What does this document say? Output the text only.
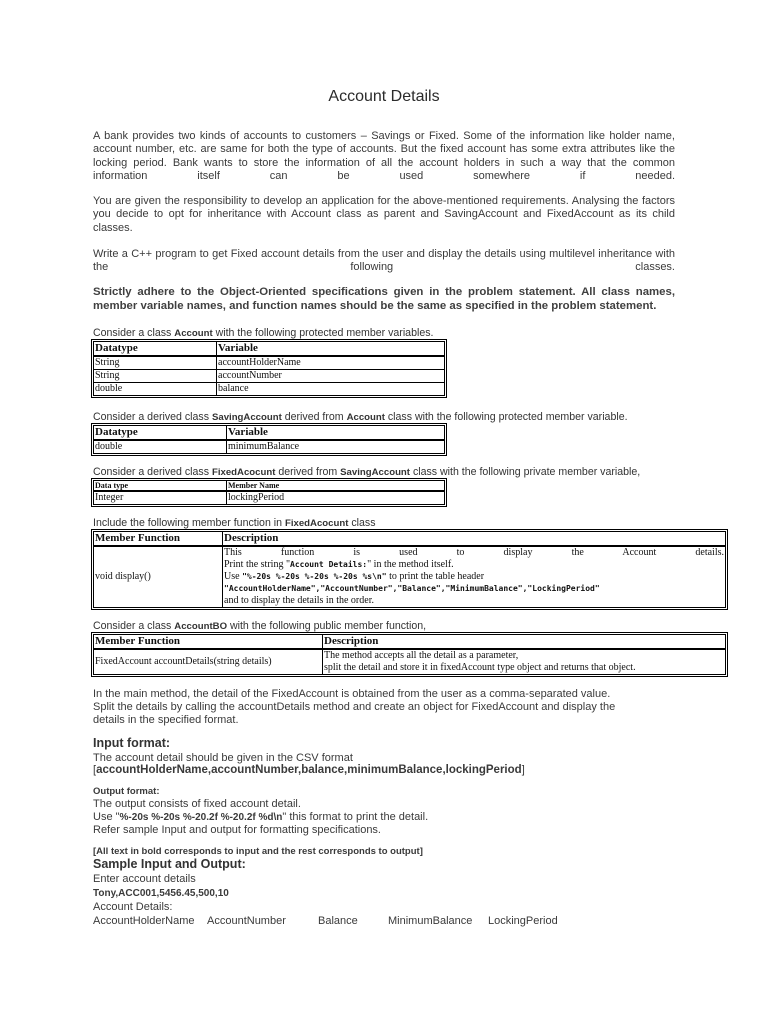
Account Details
A bank provides two kinds of accounts to customers – Savings or Fixed. Some of the information like holder name, account number, etc. are same for both the type of accounts. But the fixed account has some extra attributes like the locking period. Bank wants to store the information of all the account holders in such a way that the common information itself can be used somewhere if needed.
You are given the responsibility to develop an application for the above-mentioned requirements. Analysing the factors you decide to opt for inheritance with Account class as parent and SavingAccount and FixedAccount as its child classes.
Write a C++ program to get Fixed account details from the user and display the details using multilevel inheritance with the following classes.
Strictly adhere to the Object-Oriented specifications given in the problem statement. All class names, member variable names, and function names should be the same as specified in the problem statement.
Consider a class Account with the following protected member variables.
Datatype	Variable
String	accountHolderName
String	accountNumber
double	balance
Consider a derived class SavingAccount derived from Account class with the following protected member variable.
Datatype	Variable
double	minimumBalance
Consider a derived class FixedAcocunt derived from SavingAccount class with the following private member variable,
Data type	Member Name
Integer	lockingPeriod
Include the following member function in FixedAcocunt class
Member Function	Description
void display()	This function is used to display the Account details.
Print the string "Account Details:" in the method itself.
Use "%-20s %-20s %-20s %-20s %s\n" to print the table header
"AccountHolderName","AccountNumber","Balance","MinimumBalance","LockingPeriod"
and to display the details in the order.
Consider a class AccountBO with the following public member function,
Member Function	Description
FixedAccount accountDetails(string details)	The method accepts all the detail as a parameter,
split the detail and store it in fixedAccount type object and returns that object.
In the main method, the detail of the FixedAccount is obtained from the user as a comma-separated value.
Split the details by calling the accountDetails method and create an object for FixedAccount and display the
details in the specified format.
Input format:
The account detail should be given in the CSV format
[accountHolderName,accountNumber,balance,minimumBalance,lockingPeriod]
Output format:
The output consists of fixed account detail.
Use "%-20s %-20s %-20.2f %-20.2f %d\n" this format to print the detail.
Refer sample Input and output for formatting specifications.
[All text in bold corresponds to input and the rest corresponds to output]
Sample Input and Output:
Enter account details
Tony,ACC001,5456.45,500,10
Account Details:
AccountHolderName AccountNumber	Balance	MinimumBalance LockingPeriod
